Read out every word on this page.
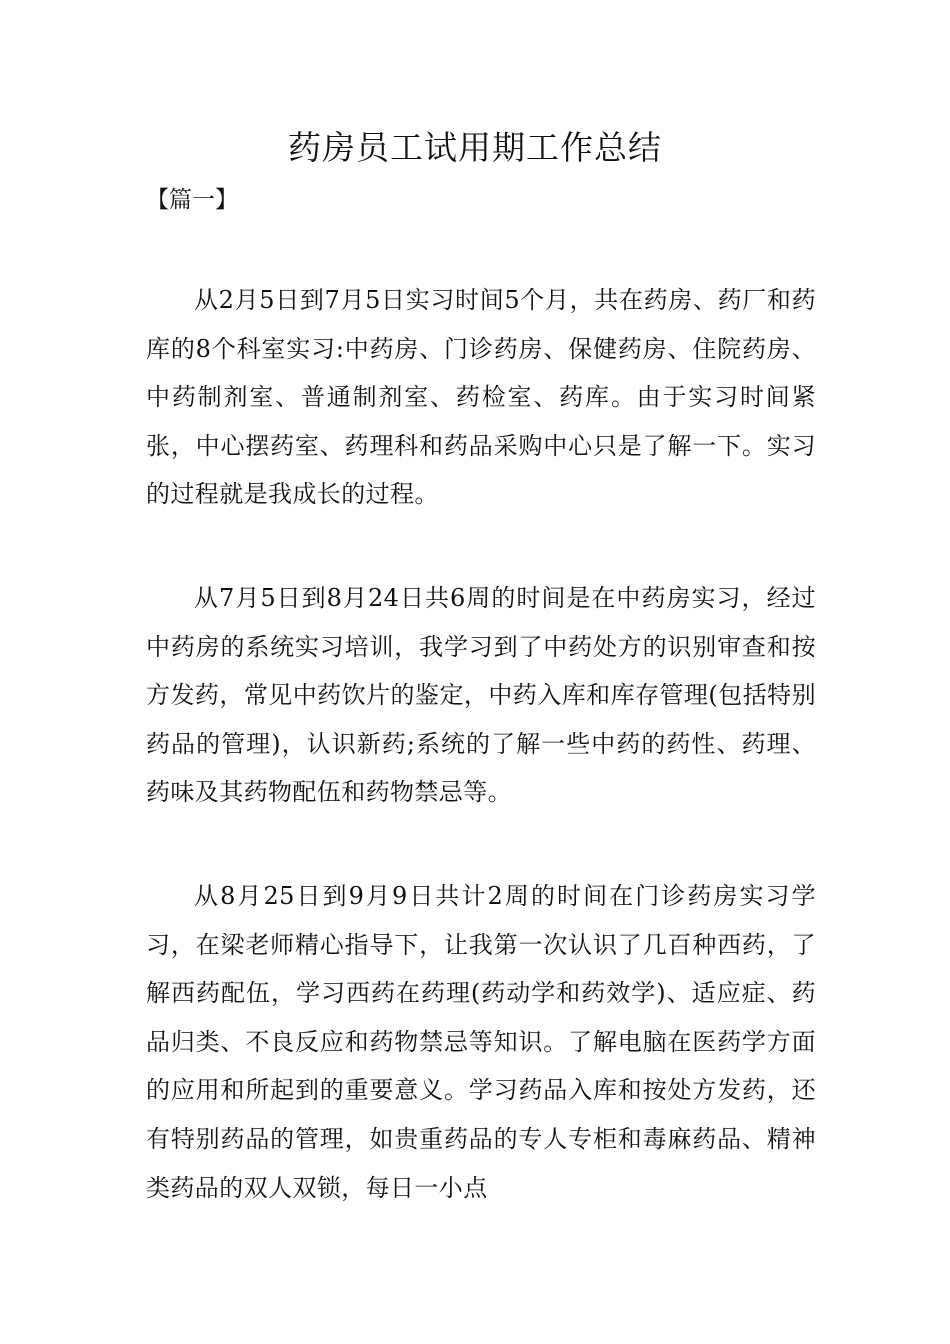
药房员工试用期工作总结

【篇一】

从2月5日到7月5日实习时间5个月，共在药房、药厂和药库的8个科室实习:中药房、门诊药房、保健药房、住院药房、中药制剂室、普通制剂室、药检室、药库。由于实习时间紧张，中心摆药室、药理科和药品采购中心只是了解一下。实习的过程就是我成长的过程。

从7月5日到8月24日共6周的时间是在中药房实习，经过中药房的系统实习培训，我学习到了中药处方的识别审查和按方发药，常见中药饮片的鉴定，中药入库和库存管理(包括特别药品的管理)，认识新药;系统的了解一些中药的药性、药理、药味及其药物配伍和药物禁忌等。

从8月25日到9月9日共计2周的时间在门诊药房实习学习，在梁老师精心指导下，让我第一次认识了几百种西药，了解西药配伍，学习西药在药理(药动学和药效学)、适应症、药品归类、不良反应和药物禁忌等知识。了解电脑在医药学方面的应用和所起到的重要意义。学习药品入库和按处方发药，还有特别药品的管理，如贵重药品的专人专柜和毒麻药品、精神类药品的双人双锁，每日一小点
